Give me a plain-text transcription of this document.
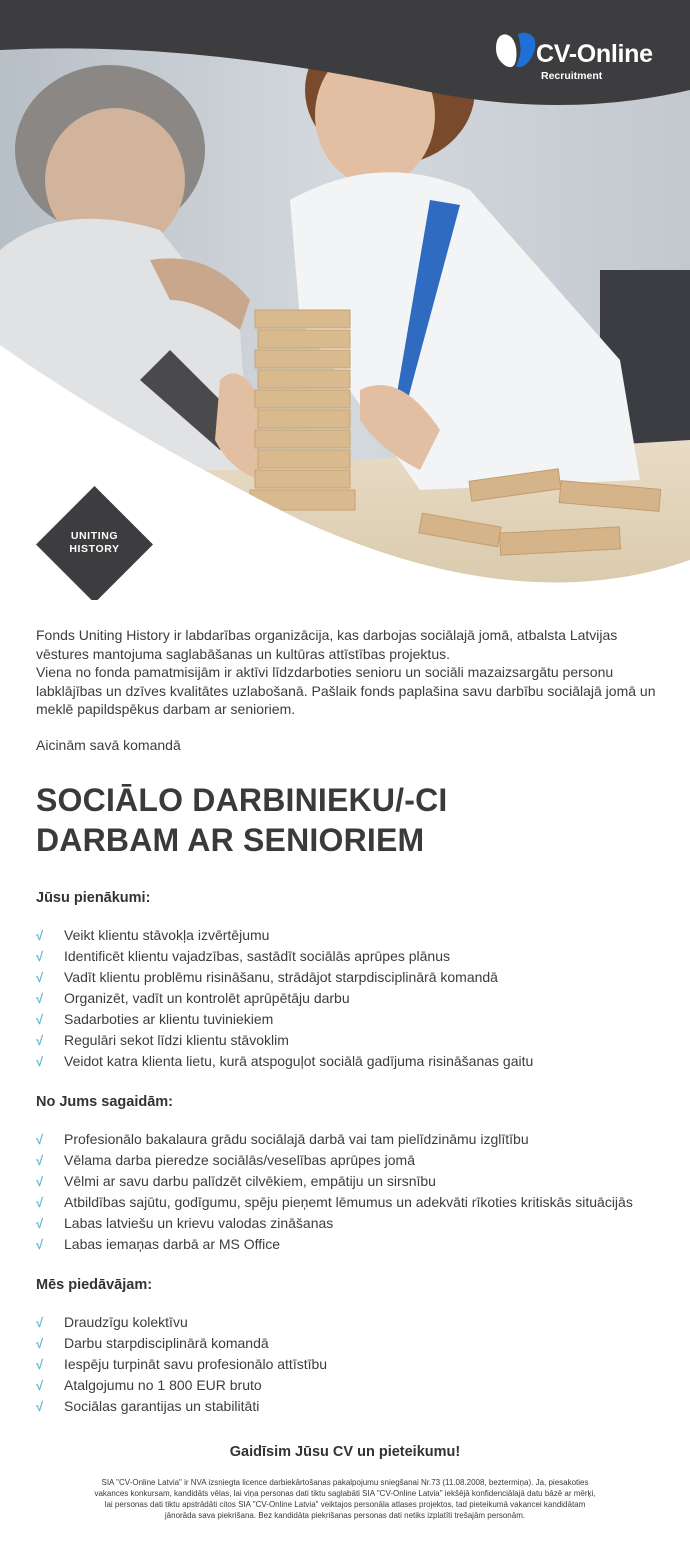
CV-Online
Recruitment
UNITING
HISTORY

Fonds Uniting History ir labdarības organizācija, kas darbojas sociālajā jomā, atbalsta Latvijas vēstures mantojuma saglabāšanas un kultūras attīstības projektus.

Viena no fonda pamatmisijām ir aktīvi līdzdarboties senioru un sociāli mazaizsargātu personu labklājības un dzīves kvalitātes uzlabošanā. Pašlaik fonds paplašina savu darbību sociālajā jomā un meklē papildspēkus darbam ar senioriem.

Aicinām savā komandā
SOCIĀLO DARBINIEKU/-CI
DARBAM AR SENIORIEM
Jūsu pienākumi:
√ Veikt klientu stāvokļa izvērtējumu
√ Identificēt klientu vajadzības, sastādīt sociālās aprūpes plānus
√ Vadīt klientu problēmu risināšanu, strādājot starpdisciplinārā komandā
√ Organizēt, vadīt un kontrolēt aprūpētāju darbu
√ Sadarboties ar klientu tuviniekiem
√ Regulāri sekot līdzi klientu stāvoklim
√ Veidot katra klienta lietu, kurā atspoguļot sociālā gadījuma risināšanas gaitu
No Jums sagaidām:
√ Profesionālo bakalaura grādu sociālajā darbā vai tam pielīdzināmu izglītību
√ Vēlama darba pieredze sociālās/veselības aprūpes jomā
√ Vēlmi ar savu darbu palīdzēt cilvēkiem, empātiju un sirsnību
√ Atbildības sajūtu, godīgumu, spēju pieņemt lēmumus un adekvāti rīkoties kritiskās situācijās
√ Labas latviešu un krievu valodas zināšanas
√ Labas iemaņas darbā ar MS Office
Mēs piedāvājam:
√ Draudzīgu kolektīvu
√ Darbu starpdisciplinārā komandā
√ Iespēju turpināt savu profesionālo attīstību
√ Atalgojumu no 1 800 EUR bruto
√ Sociālas garantijas un stabilitāti
Gaidīsim Jūsu CV un pieteikumu!
SIA "CV-Online Latvia" ir NVA izsniegta licence darbiekārtošanas pakalpojumu sniegšanai Nr.73 (11.08.2008, beztermiņa). Ja, piesakoties
vakances konkursam, kandidāts vēlas, lai viņa personas dati tiktu saglabāti SIA "CV-Online Latvia" iekšējā konfidenciālajā datu bāzē ar mērķi,
lai personas dati tiktu apstrādāti citos SIA "CV-Online Latvia" veiktajos personāla atlases projektos, tad pieteikumā vakancei kandidātam
jānorāda sava piekrišana. Bez kandidāta piekrišanas personas dati netiks izplatīti trešajām personām.
